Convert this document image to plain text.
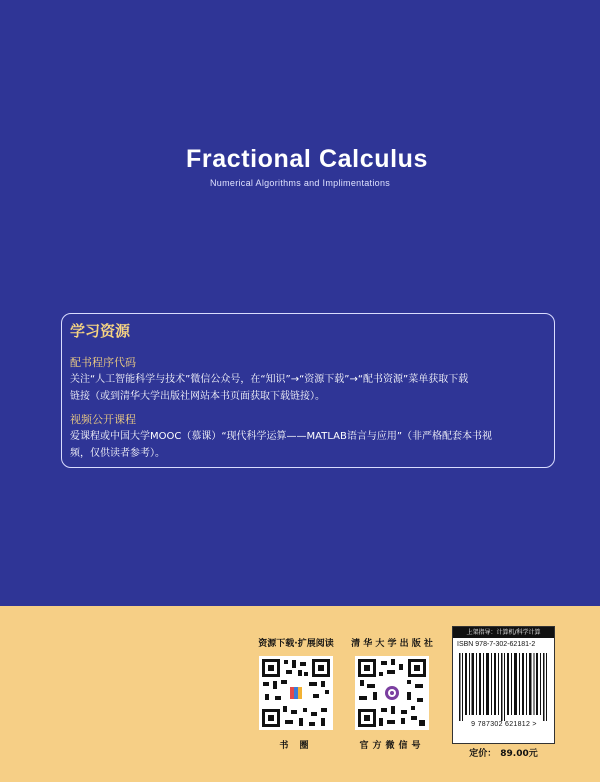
Fractional Calculus
Numerical Algorithms and Implimentations
学习资源
配书程序代码
关注“人工智能科学与技术”微信公众号，在“知识”→“资源下载”→“配书资源”菜单获取下载
链接（或到清华大学出版社网站本书页面获取下载链接）。
视频公开课程
爱课程或中国大学MOOC（慕课）“现代科学运算——MATLAB语言与应用”（非严格配套本书视
频，仅供读者参考）。
资源下载·扩展阅读
书 圈
清 华 大 学 出 版 社
官方微信号
上架指导：计算机/科学计算
ISBN 978-7-302-62181-2
9 787302 621812 >
定价： 89.00元
